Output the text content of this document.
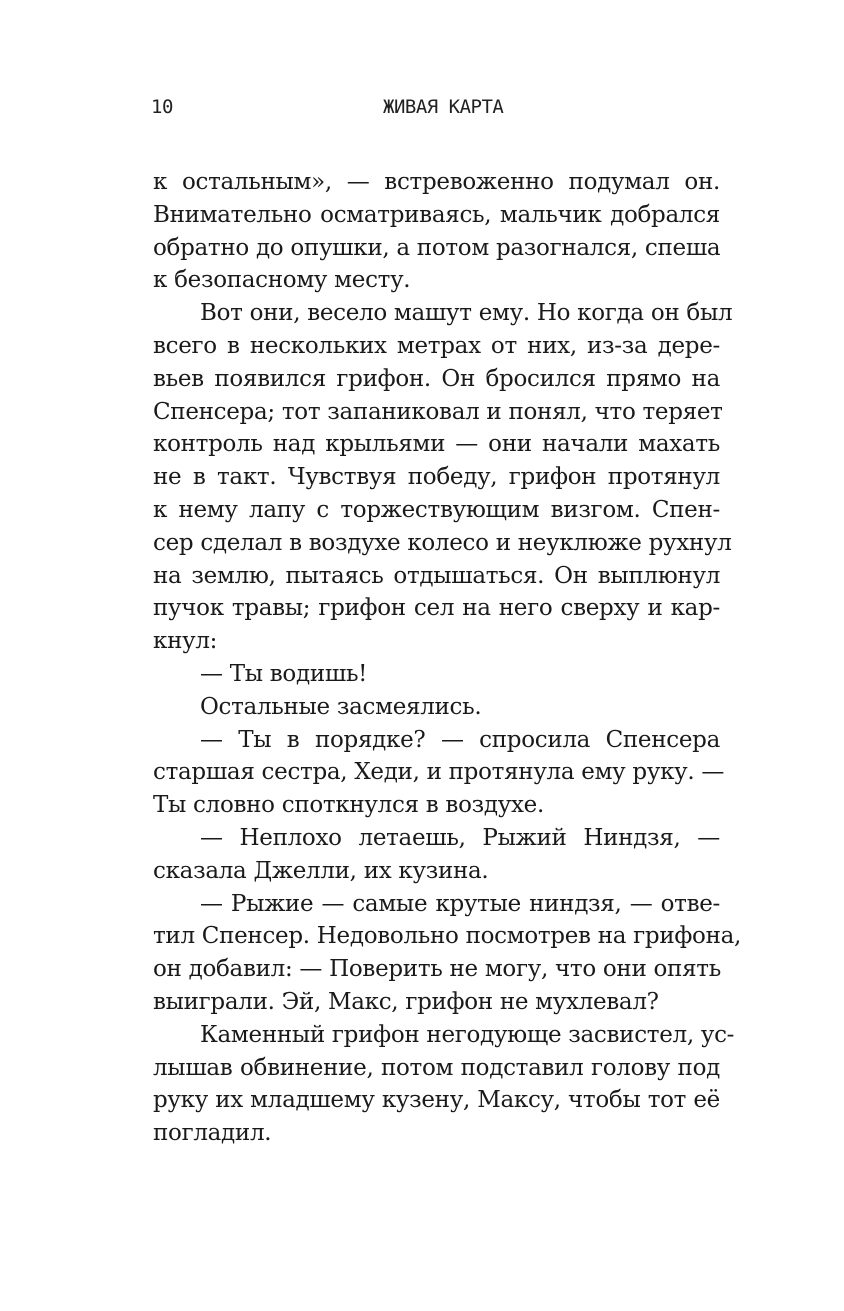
10	ЖИВАЯ КАРТА
к остальным», — встревоженно подумал он.
Внимательно осматриваясь, мальчик добрался
обратно до опушки, а потом разогнался, спеша
к безопасному месту.
Вот они, весело машут ему. Но когда он был
всего в нескольких метрах от них, из-за дере-
вьев появился грифон. Он бросился прямо на
Спенсера; тот запаниковал и понял, что теряет
контроль над крыльями — они начали махать
не в такт. Чувствуя победу, грифон протянул
к нему лапу с торжествующим визгом. Спен-
сер сделал в воздухе колесо и неуклюже рухнул
на землю, пытаясь отдышаться. Он выплюнул
пучок травы; грифон сел на него сверху и кар-
кнул:
— Ты водишь!
Остальные засмеялись.
— Ты в порядке? — спросила Спенсера
старшая сестра, Хеди, и протянула ему руку. —
Ты словно споткнулся в воздухе.
— Неплохо летаешь, Рыжий Ниндзя, —
сказала Джелли, их кузина.
— Рыжие — самые крутые ниндзя, — отве-
тил Спенсер. Недовольно посмотрев на грифона,
он добавил: — Поверить не могу, что они опять
выиграли. Эй, Макс, грифон не мухлевал?
Каменный грифон негодующе засвистел, ус-
лышав обвинение, потом подставил голову под
руку их младшему кузену, Максу, чтобы тот её
погладил.
